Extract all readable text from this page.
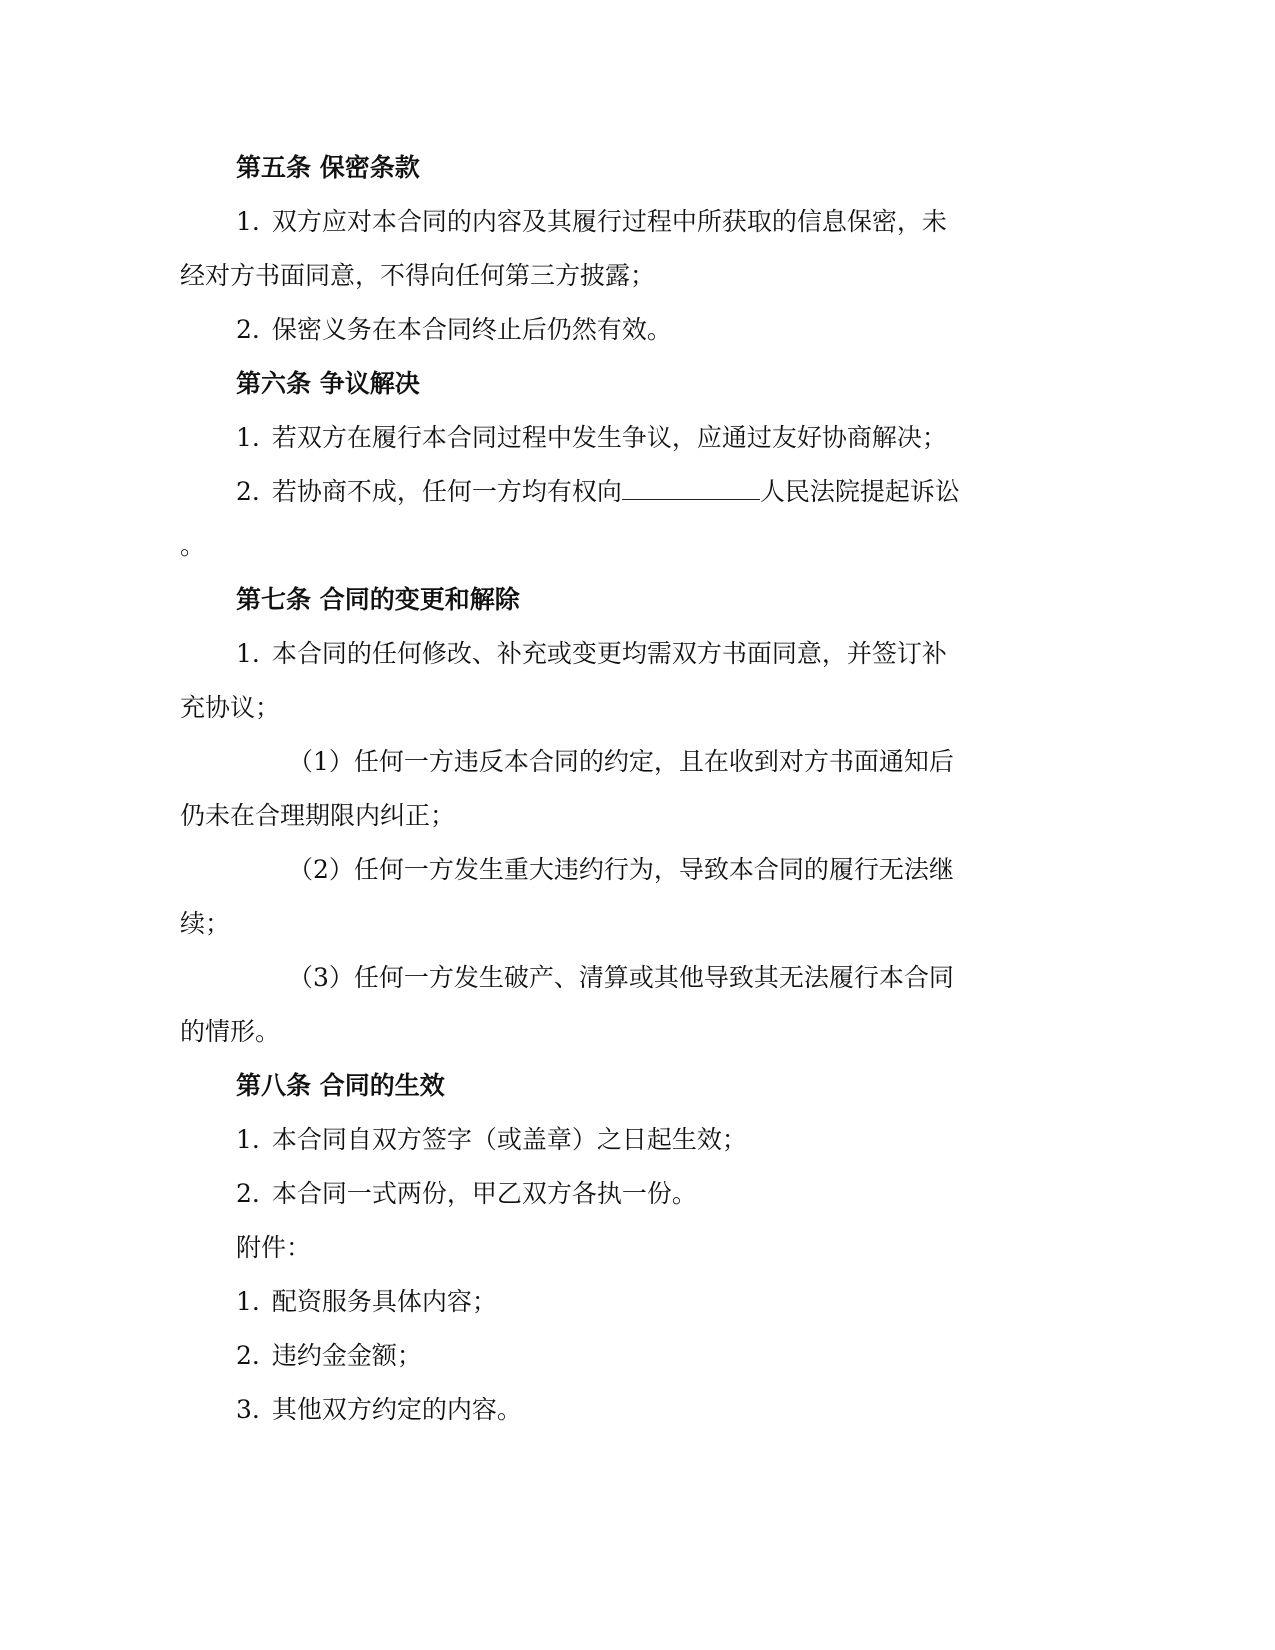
第五条 保密条款

1. 双方应对本合同的内容及其履行过程中所获取的信息保密，未

经对方书面同意，不得向任何第三方披露；

2. 保密义务在本合同终止后仍然有效。

第六条 争议解决

1. 若双方在履行本合同过程中发生争议，应通过友好协商解决；

2. 若协商不成，任何一方均有权向	人民法院提起诉讼

。

第七条 合同的变更和解除

1. 本合同的任何修改、补充或变更均需双方书面同意，并签订补

充协议；

（1）任何一方违反本合同的约定，且在收到对方书面通知后

仍未在合理期限内纠正；

（2）任何一方发生重大违约行为，导致本合同的履行无法继

续；

（3）任何一方发生破产、清算或其他导致其无法履行本合同

的情形。

第八条 合同的生效

1. 本合同自双方签字（或盖章）之日起生效；

2. 本合同一式两份，甲乙双方各执一份。

附件：

1. 配资服务具体内容；

2. 违约金金额；

3. 其他双方约定的内容。
